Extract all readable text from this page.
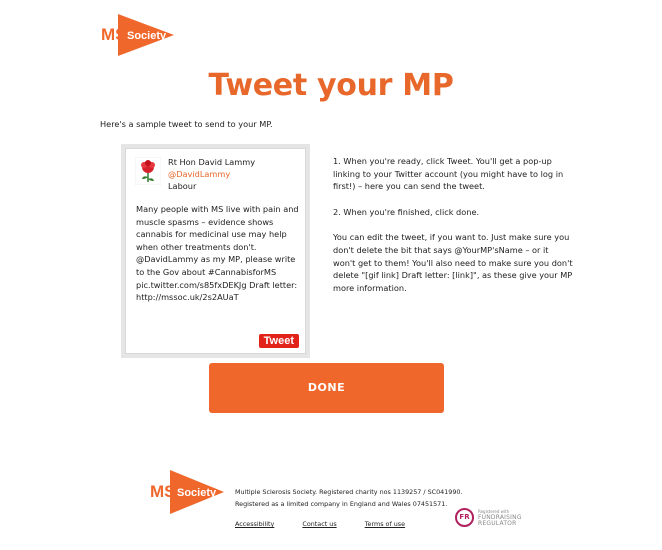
MS Society
Tweet your MP
Here's a sample tweet to send to your MP.
Rt Hon David Lammy
@DavidLammy
Labour
Many people with MS live with pain and muscle spasms – evidence shows cannabis for medicinal use may help when other treatments don't. @DavidLammy as my MP, please write to the Gov about #CannabisforMS pic.twitter.com/s85fxDEKJg Draft letter: http://mssoc.uk/2s2AUaT
Tweet

1. When you're ready, click Tweet. You'll get a pop-up linking to your Twitter account (you might have to log in first!) – here you can send the tweet.

2. When you're finished, click done.

You can edit the tweet, if you want to. Just make sure you don't delete the bit that says @YourMP'sName – or it won't get to them! You'll also need to make sure you don't delete "[gif link] Draft letter: [link]", as these give your MP more information.

DONE
MS Society	Multiple Sclerosis Society. Registered charity nos 1139257 / SC041990.
Registered as a limited company in England and Wales 07451571.
Accessibility	Contact us	Terms of use
FR
Registered with
FUNDRAISING
REGULATOR
